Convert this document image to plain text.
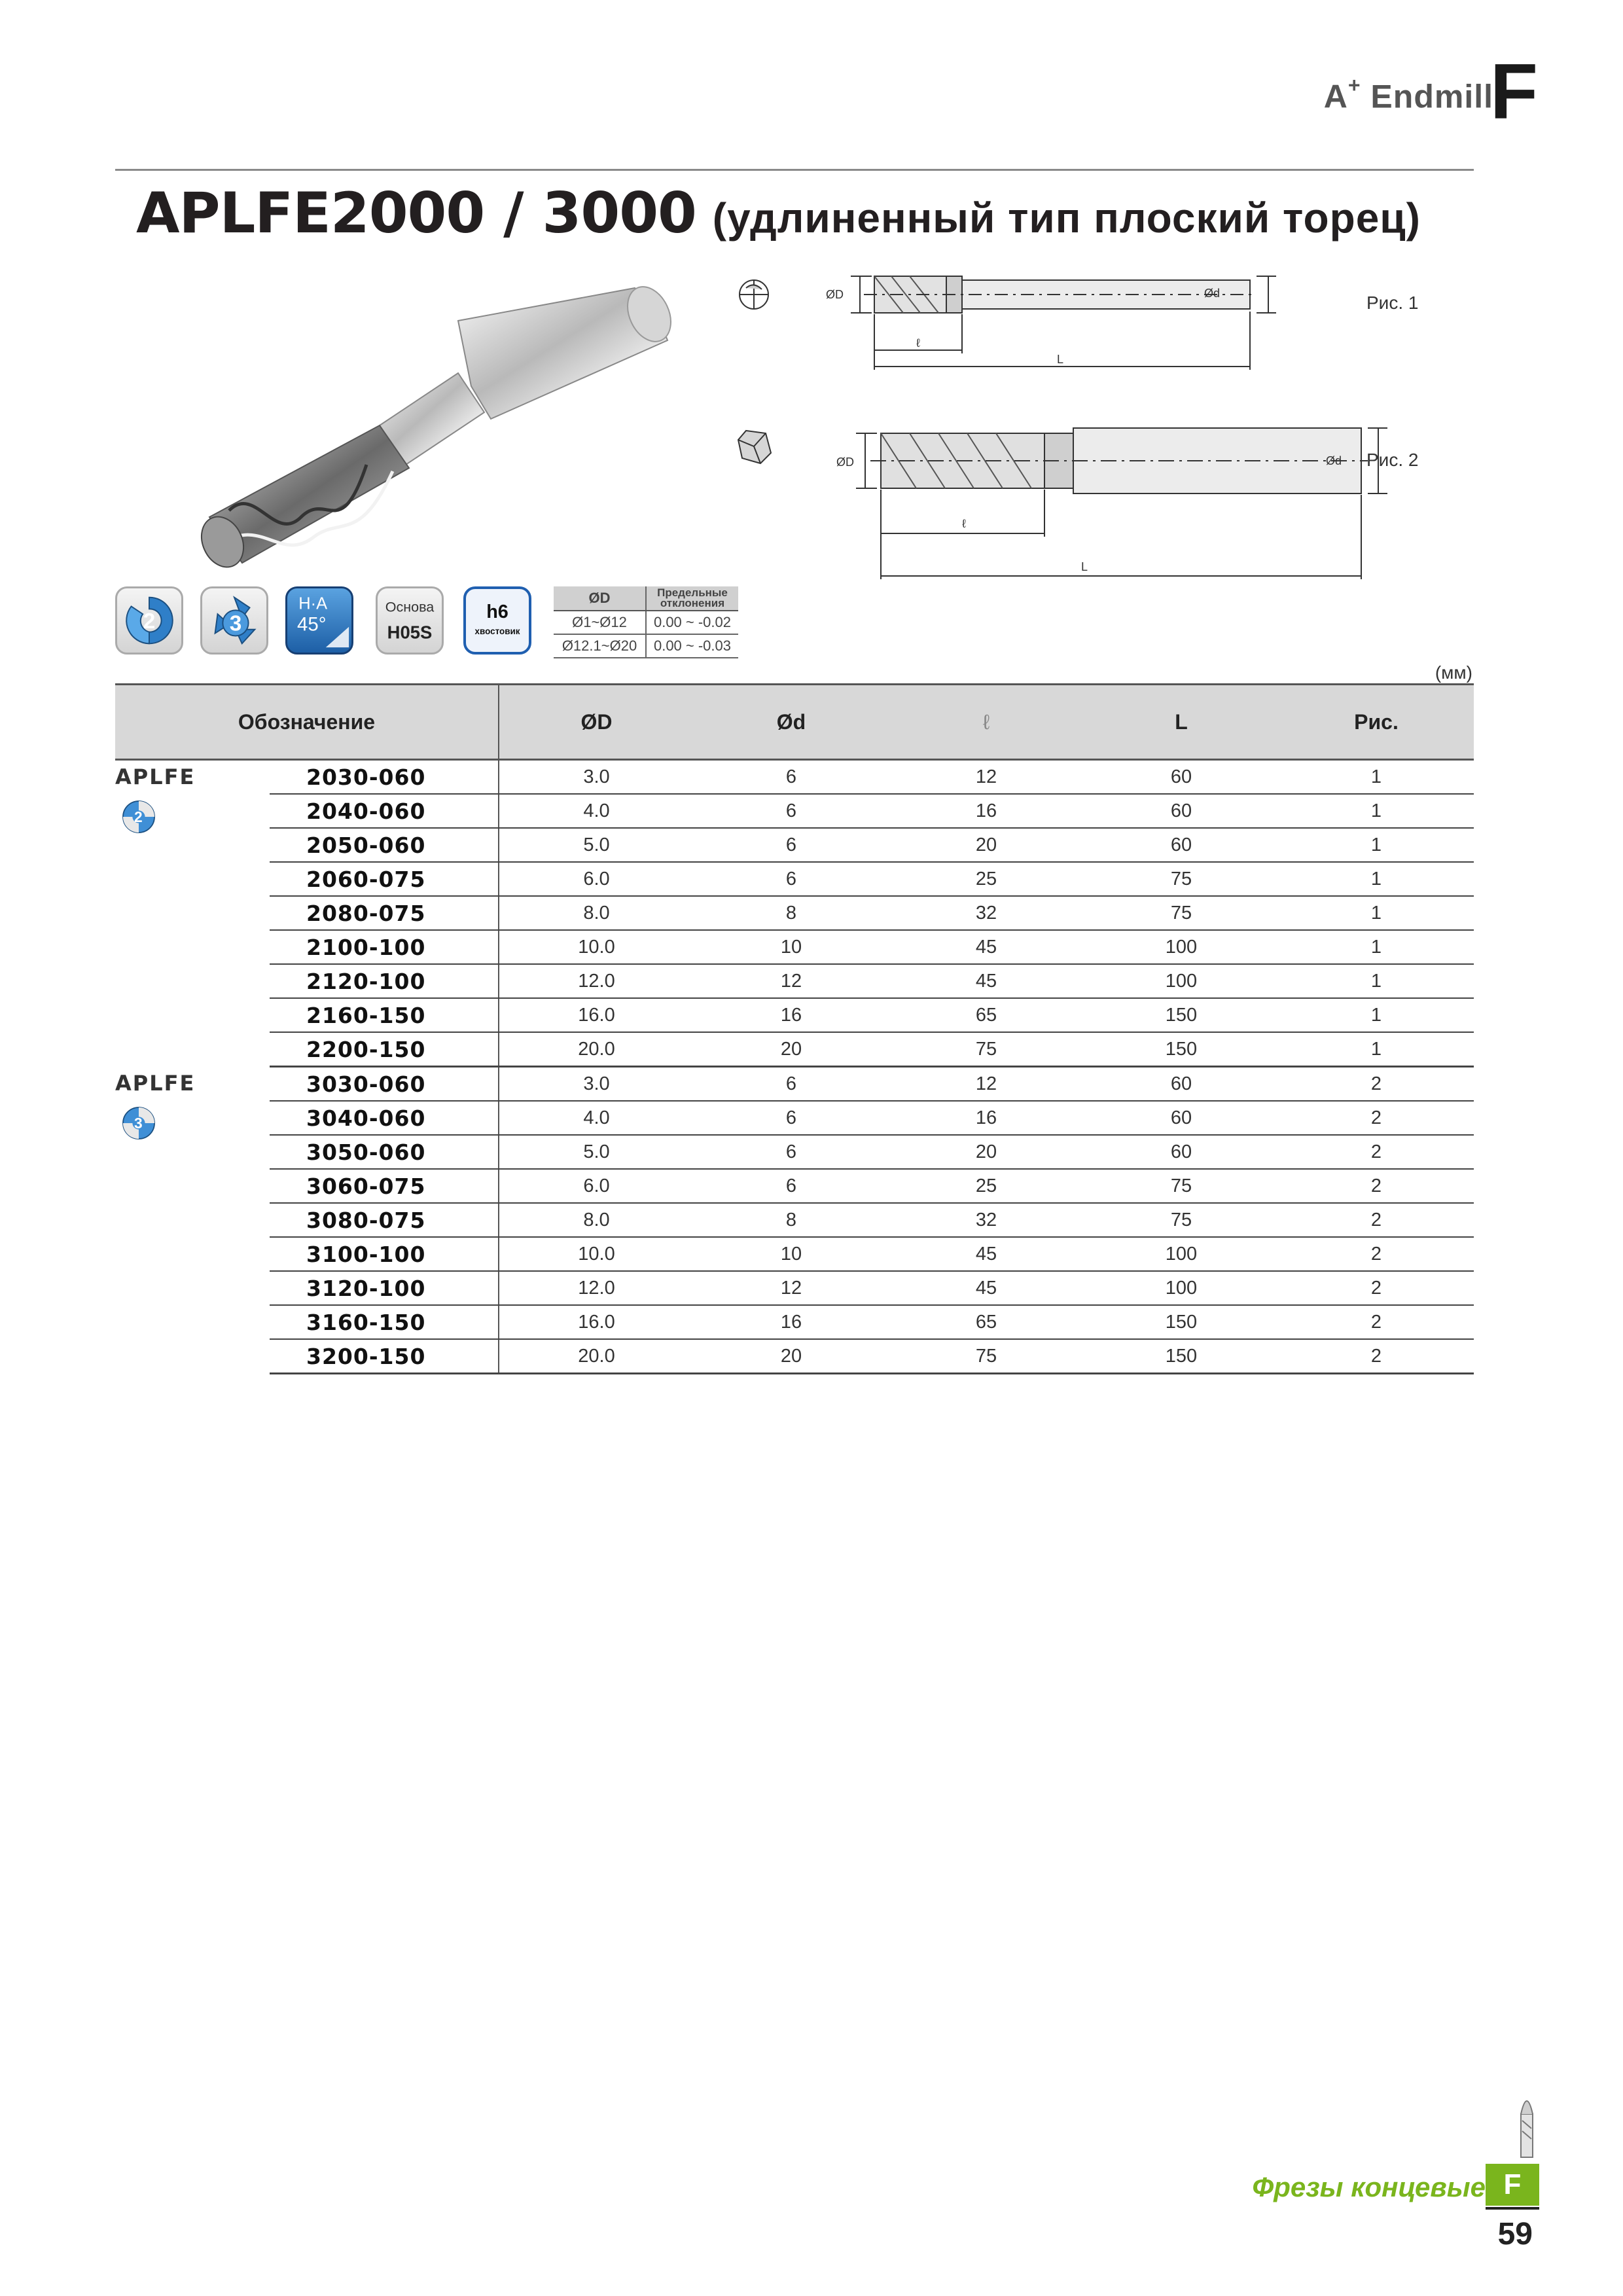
A+ Endmill
F
APLFE2000 / 3000 (удлиненный тип плоский торец)
ØD	Ød
ℓ
L
Рис. 1
ØD	Ød
ℓ
L
Рис. 2
2	3
H·A
45°
Основа
H05S
h6
хвостовик
ØD	Предельные отклонения
Ø1~Ø12	0.00 ~ -0.02
Ø12.1~Ø20	0.00 ~ -0.03
(мм)
Обозначение		ØD	Ød	ℓ	L	Рис.

APLFE
2	2030-060	3.0	6	12	60	1
	2040-060	4.0	6	16	60	1
	2050-060	5.0	6	20	60	1
	2060-075	6.0	6	25	75	1
	2080-075	8.0	8	32	75	1
	2100-100	10.0	10	45	100	1
	2120-100	12.0	12	45	100	1
	2160-150	16.0	16	65	150	1
	2200-150	20.0	20	75	150	1

APLFE
3	3030-060	3.0	6	12	60	2
	3040-060	4.0	6	16	60	2
	3050-060	5.0	6	20	60	2
	3060-075	6.0	6	25	75	2
	3080-075	8.0	8	32	75	2
	3100-100	10.0	10	45	100	2
	3120-100	12.0	12	45	100	2
	3160-150	16.0	16	65	150	2
	3200-150	20.0	20	75	150	2
Фрезы концевые F
59
